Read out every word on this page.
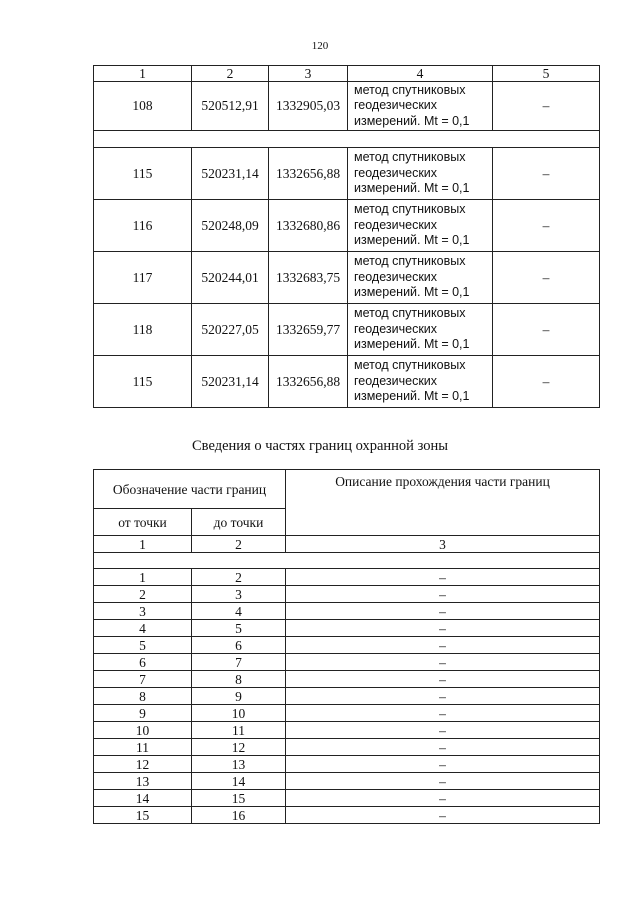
120
1	2	3	4	5
108	520512,91	1332905,03	метод спутниковых
геодезических
измерений. Mt = 0,1	–

115	520231,14	1332656,88	метод спутниковых
геодезических
измерений. Mt = 0,1	–
116	520248,09	1332680,86	метод спутниковых
геодезических
измерений. Mt = 0,1	–
117	520244,01	1332683,75	метод спутниковых
геодезических
измерений. Mt = 0,1	–
118	520227,05	1332659,77	метод спутниковых
геодезических
измерений. Mt = 0,1	–
115	520231,14	1332656,88	метод спутниковых
геодезических
измерений. Mt = 0,1	–
Сведения о частях границ охранной зоны
Обозначение части границ		Описание прохождения части границ
от точки	до точки	
1	2	3

1	2	–
2	3	–
3	4	–
4	5	–
5	6	–
6	7	–
7	8	–
8	9	–
9	10	–
10	11	–
11	12	–
12	13	–
13	14	–
14	15	–
15	16	–
